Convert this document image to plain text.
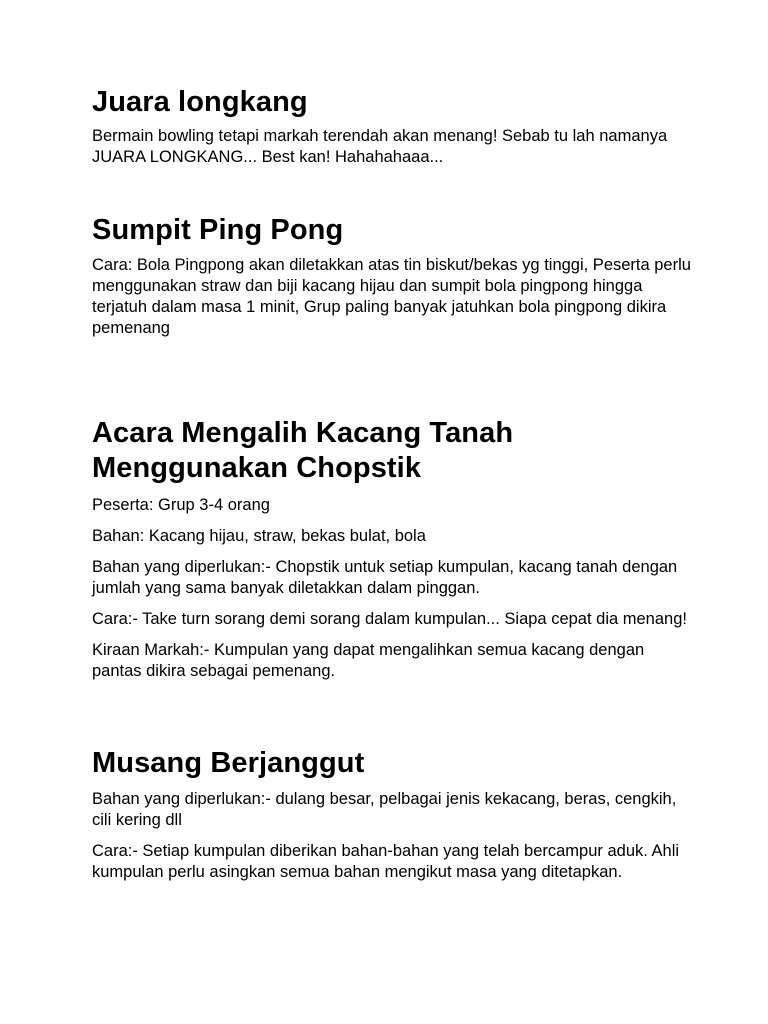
Juara longkang

Bermain bowling tetapi markah terendah akan menang! Sebab tu lah namanya JUARA LONGKANG... Best kan! Hahahahaaa...

Sumpit Ping Pong

Cara: Bola Pingpong akan diletakkan atas tin biskut/bekas yg tinggi, Peserta perlu menggunakan straw dan biji kacang hijau dan sumpit bola pingpong hingga terjatuh dalam masa 1 minit, Grup paling banyak jatuhkan bola pingpong dikira pemenang

Acara Mengalih Kacang Tanah Menggunakan Chopstik

Peserta: Grup 3-4 orang

Bahan: Kacang hijau, straw, bekas bulat, bola

Bahan yang diperlukan:- Chopstik untuk setiap kumpulan, kacang tanah dengan jumlah yang sama banyak diletakkan dalam pinggan.

Cara:- Take turn sorang demi sorang dalam kumpulan... Siapa cepat dia menang!

Kiraan Markah:- Kumpulan yang dapat mengalihkan semua kacang dengan pantas dikira sebagai pemenang.

Musang Berjanggut

Bahan yang diperlukan:- dulang besar, pelbagai jenis kekacang, beras, cengkih, cili kering dll

Cara:- Setiap kumpulan diberikan bahan-bahan yang telah bercampur aduk. Ahli kumpulan perlu asingkan semua bahan mengikut masa yang ditetapkan.
